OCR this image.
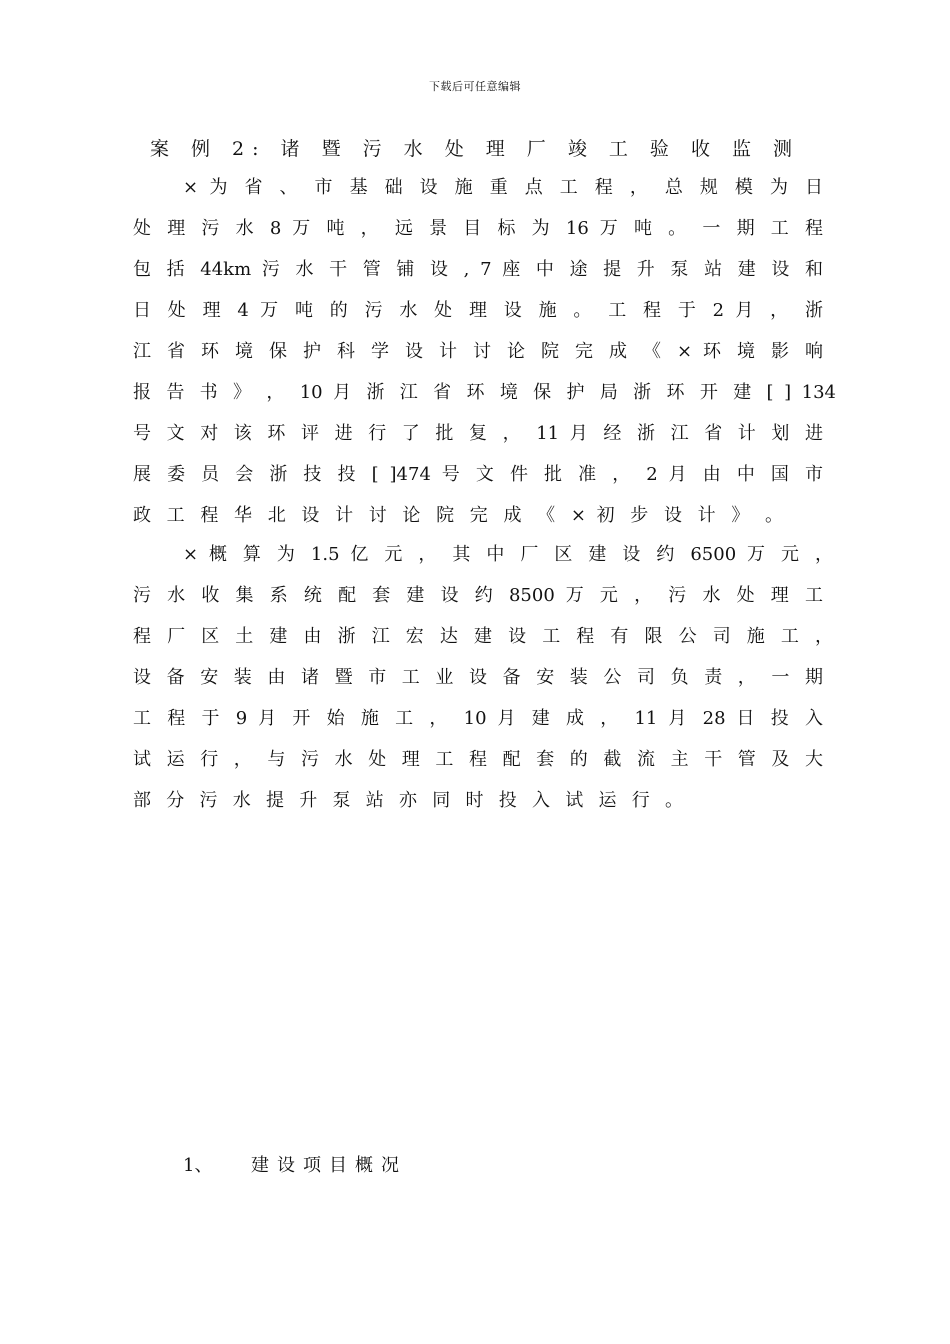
下载后可任意编辑
案 例 2: 诸 暨 污 水 处 理 厂 竣 工 验 收 监 测
× 为 省 、 市 基 础 设 施 重 点 工 程 ， 总 规 模 为 日
处 理 污 水 8 万 吨 ， 远 景 目 标 为 16 万 吨 。 一 期 工 程
包 括 44km 污 水 干 管 铺 设 , 7 座 中 途 提 升 泵 站 建 设 和
日 处 理 4 万 吨 的 污 水 处 理 设 施 。 工 程 于 2 月 ， 浙
江 省 环 境 保 护 科 学 设 计 讨 论 院 完 成 《 × 环 境 影 响
报 告 书 》 ， 10 月 浙 江 省 环 境 保 护 局 浙 环 开 建 [ ] 134
号 文 对 该 环 评 进 行 了 批 复 ， 11 月 经 浙 江 省 计 划 进
展 委 员 会 浙 技 投 [ ]474 号 文 件 批 准 ， 2 月 由 中 国 市
政 工 程 华 北 设 计 讨 论 院 完 成 《 × 初 步 设 计 》 。
× 概 算 为 1.5 亿 元 ， 其 中 厂 区 建 设 约 6500 万 元 ，
污 水 收 集 系 统 配 套 建 设 约 8500 万 元 ， 污 水 处 理 工
程 厂 区 土 建 由 浙 江 宏 达 建 设 工 程 有 限 公 司 施 工 ，
设 备 安 装 由 诸 暨 市 工 业 设 备 安 装 公 司 负 责 ， 一 期
工 程 于 9 月 开 始 施 工 ， 10 月 建 成 ， 11 月 28 日 投 入
试 运 行 ， 与 污 水 处 理 工 程 配 套 的 截 流 主 干 管 及 大
部 分 污 水 提 升 泵 站 亦 同 时 投 入 试 运 行 。
1、 建设项目概况
